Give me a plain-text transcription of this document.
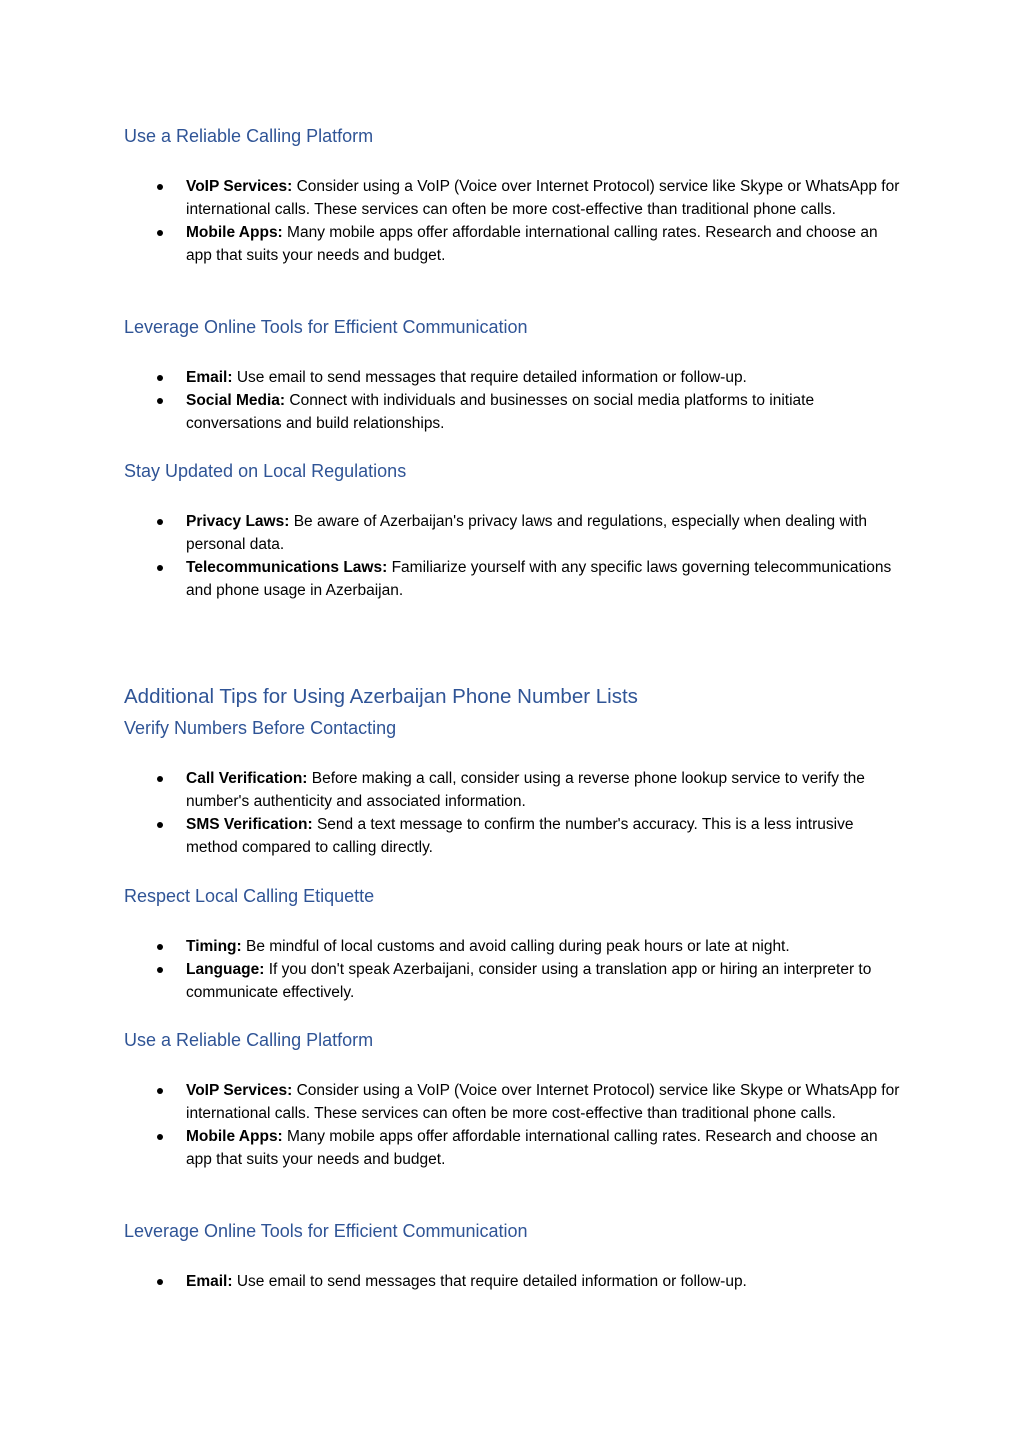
Use a Reliable Calling Platform
VoIP Services: Consider using a VoIP (Voice over Internet Protocol) service like Skype or WhatsApp for international calls. These services can often be more cost-effective than traditional phone calls.
Mobile Apps: Many mobile apps offer affordable international calling rates. Research and choose an app that suits your needs and budget.
Leverage Online Tools for Efficient Communication
Email: Use email to send messages that require detailed information or follow-up.
Social Media: Connect with individuals and businesses on social media platforms to initiate conversations and build relationships.
Stay Updated on Local Regulations
Privacy Laws: Be aware of Azerbaijan's privacy laws and regulations, especially when dealing with personal data.
Telecommunications Laws: Familiarize yourself with any specific laws governing telecommunications and phone usage in Azerbaijan.
Additional Tips for Using Azerbaijan Phone Number Lists
Verify Numbers Before Contacting
Call Verification: Before making a call, consider using a reverse phone lookup service to verify the number's authenticity and associated information.
SMS Verification: Send a text message to confirm the number's accuracy. This is a less intrusive method compared to calling directly.
Respect Local Calling Etiquette
Timing: Be mindful of local customs and avoid calling during peak hours or late at night.
Language: If you don't speak Azerbaijani, consider using a translation app or hiring an interpreter to communicate effectively.
Use a Reliable Calling Platform
VoIP Services: Consider using a VoIP (Voice over Internet Protocol) service like Skype or WhatsApp for international calls. These services can often be more cost-effective than traditional phone calls.
Mobile Apps: Many mobile apps offer affordable international calling rates. Research and choose an app that suits your needs and budget.
Leverage Online Tools for Efficient Communication
Email: Use email to send messages that require detailed information or follow-up.
